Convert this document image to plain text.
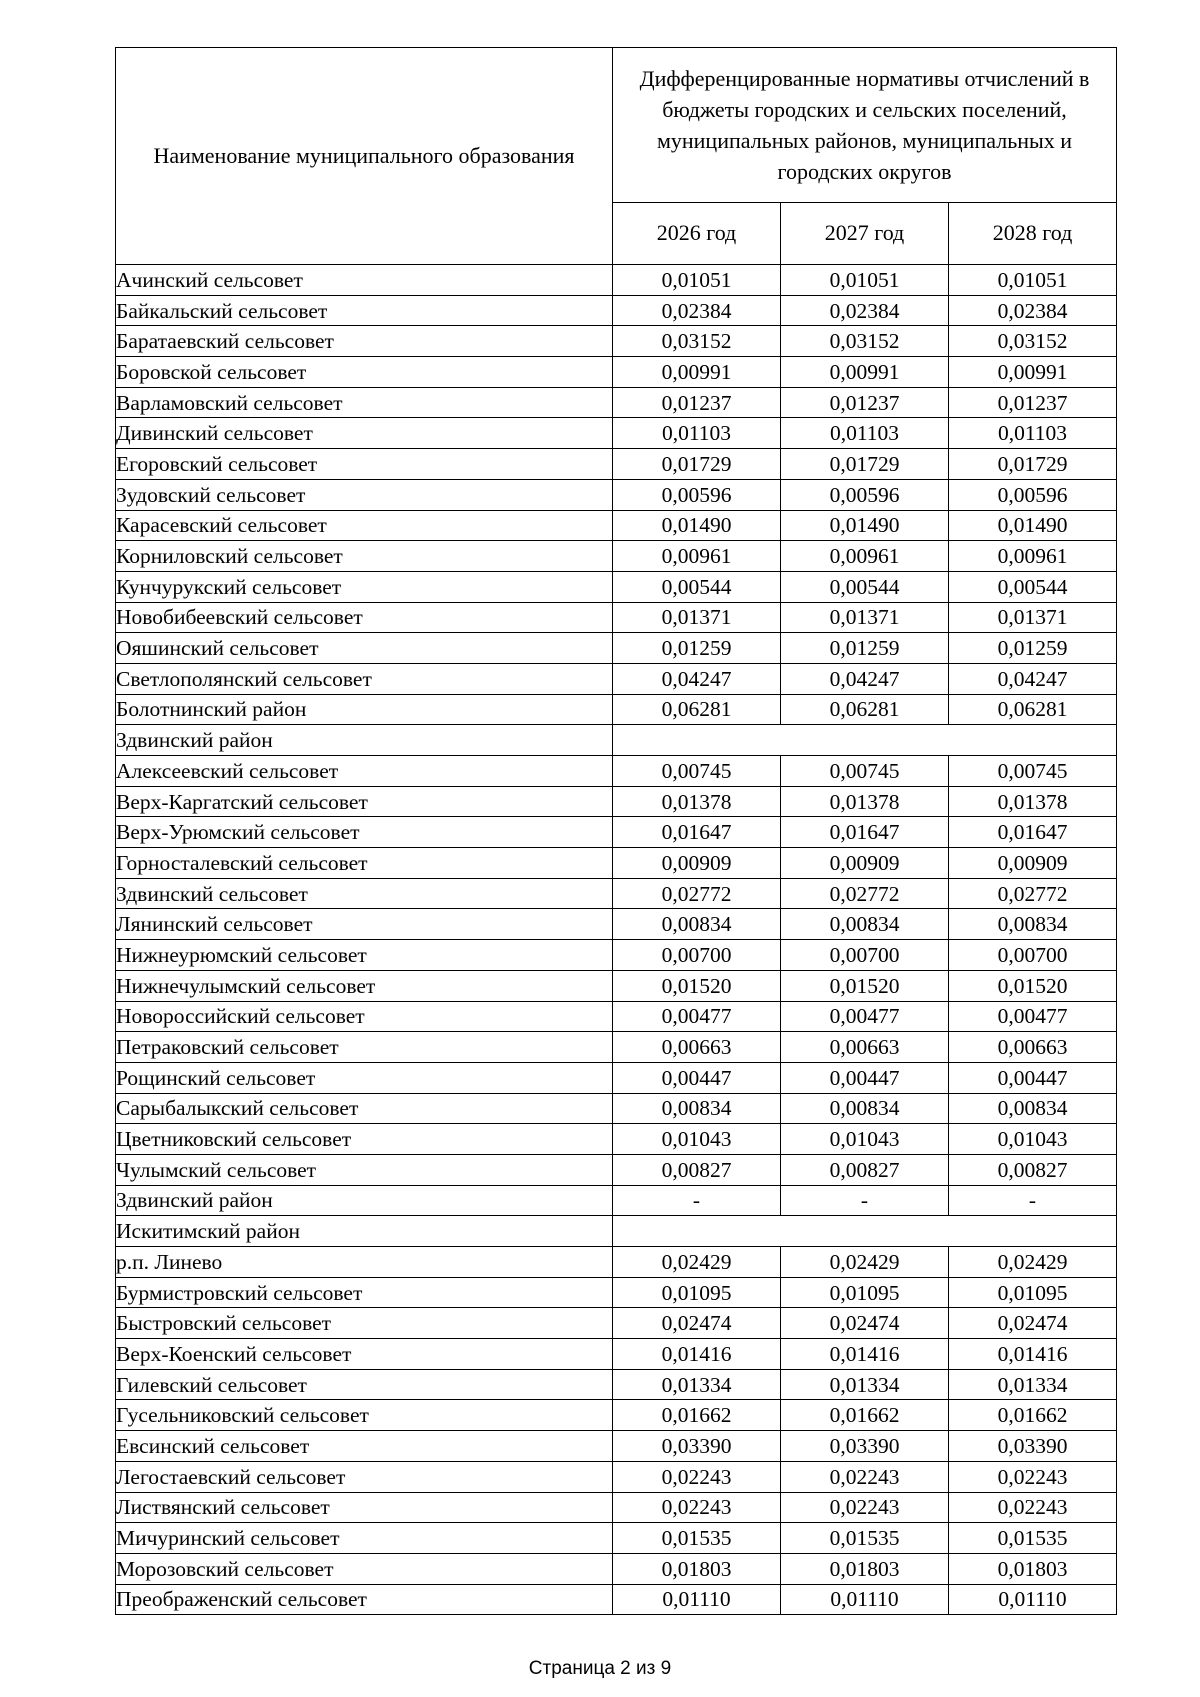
Наименование муниципального образования	Дифференцированные нормативы отчислений в бюджеты городских и сельских поселений, муниципальных районов, муниципальных и городских округов		
	2026 год	2027 год	2028 год
Ачинский сельсовет	0,01051	0,01051	0,01051
Байкальский сельсовет	0,02384	0,02384	0,02384
Баратаевский сельсовет	0,03152	0,03152	0,03152
Боровской сельсовет	0,00991	0,00991	0,00991
Варламовский сельсовет	0,01237	0,01237	0,01237
Дивинский сельсовет	0,01103	0,01103	0,01103
Егоровский сельсовет	0,01729	0,01729	0,01729
Зудовский сельсовет	0,00596	0,00596	0,00596
Карасевский сельсовет	0,01490	0,01490	0,01490
Корниловский сельсовет	0,00961	0,00961	0,00961
Кунчурукский сельсовет	0,00544	0,00544	0,00544
Новобибеевский сельсовет	0,01371	0,01371	0,01371
Ояшинский сельсовет	0,01259	0,01259	0,01259
Светлополянский сельсовет	0,04247	0,04247	0,04247
Болотнинский район	0,06281	0,06281	0,06281
Здвинский район			
Алексеевский сельсовет	0,00745	0,00745	0,00745
Верх-Каргатский сельсовет	0,01378	0,01378	0,01378
Верх-Урюмский сельсовет	0,01647	0,01647	0,01647
Горносталевский сельсовет	0,00909	0,00909	0,00909
Здвинский сельсовет	0,02772	0,02772	0,02772
Лянинский сельсовет	0,00834	0,00834	0,00834
Нижнеурюмский сельсовет	0,00700	0,00700	0,00700
Нижнечулымский сельсовет	0,01520	0,01520	0,01520
Новороссийский сельсовет	0,00477	0,00477	0,00477
Петраковский сельсовет	0,00663	0,00663	0,00663
Рощинский сельсовет	0,00447	0,00447	0,00447
Сарыбалыкский сельсовет	0,00834	0,00834	0,00834
Цветниковский сельсовет	0,01043	0,01043	0,01043
Чулымский сельсовет	0,00827	0,00827	0,00827
Здвинский район	-	-	-
Искитимский район			
р.п. Линево	0,02429	0,02429	0,02429
Бурмистровский сельсовет	0,01095	0,01095	0,01095
Быстровский сельсовет	0,02474	0,02474	0,02474
Верх-Коенский сельсовет	0,01416	0,01416	0,01416
Гилевский сельсовет	0,01334	0,01334	0,01334
Гусельниковский сельсовет	0,01662	0,01662	0,01662
Евсинский сельсовет	0,03390	0,03390	0,03390
Легостаевский сельсовет	0,02243	0,02243	0,02243
Листвянский сельсовет	0,02243	0,02243	0,02243
Мичуринский сельсовет	0,01535	0,01535	0,01535
Морозовский сельсовет	0,01803	0,01803	0,01803
Преображенский сельсовет	0,01110	0,01110	0,01110
Страница 2 из 9
